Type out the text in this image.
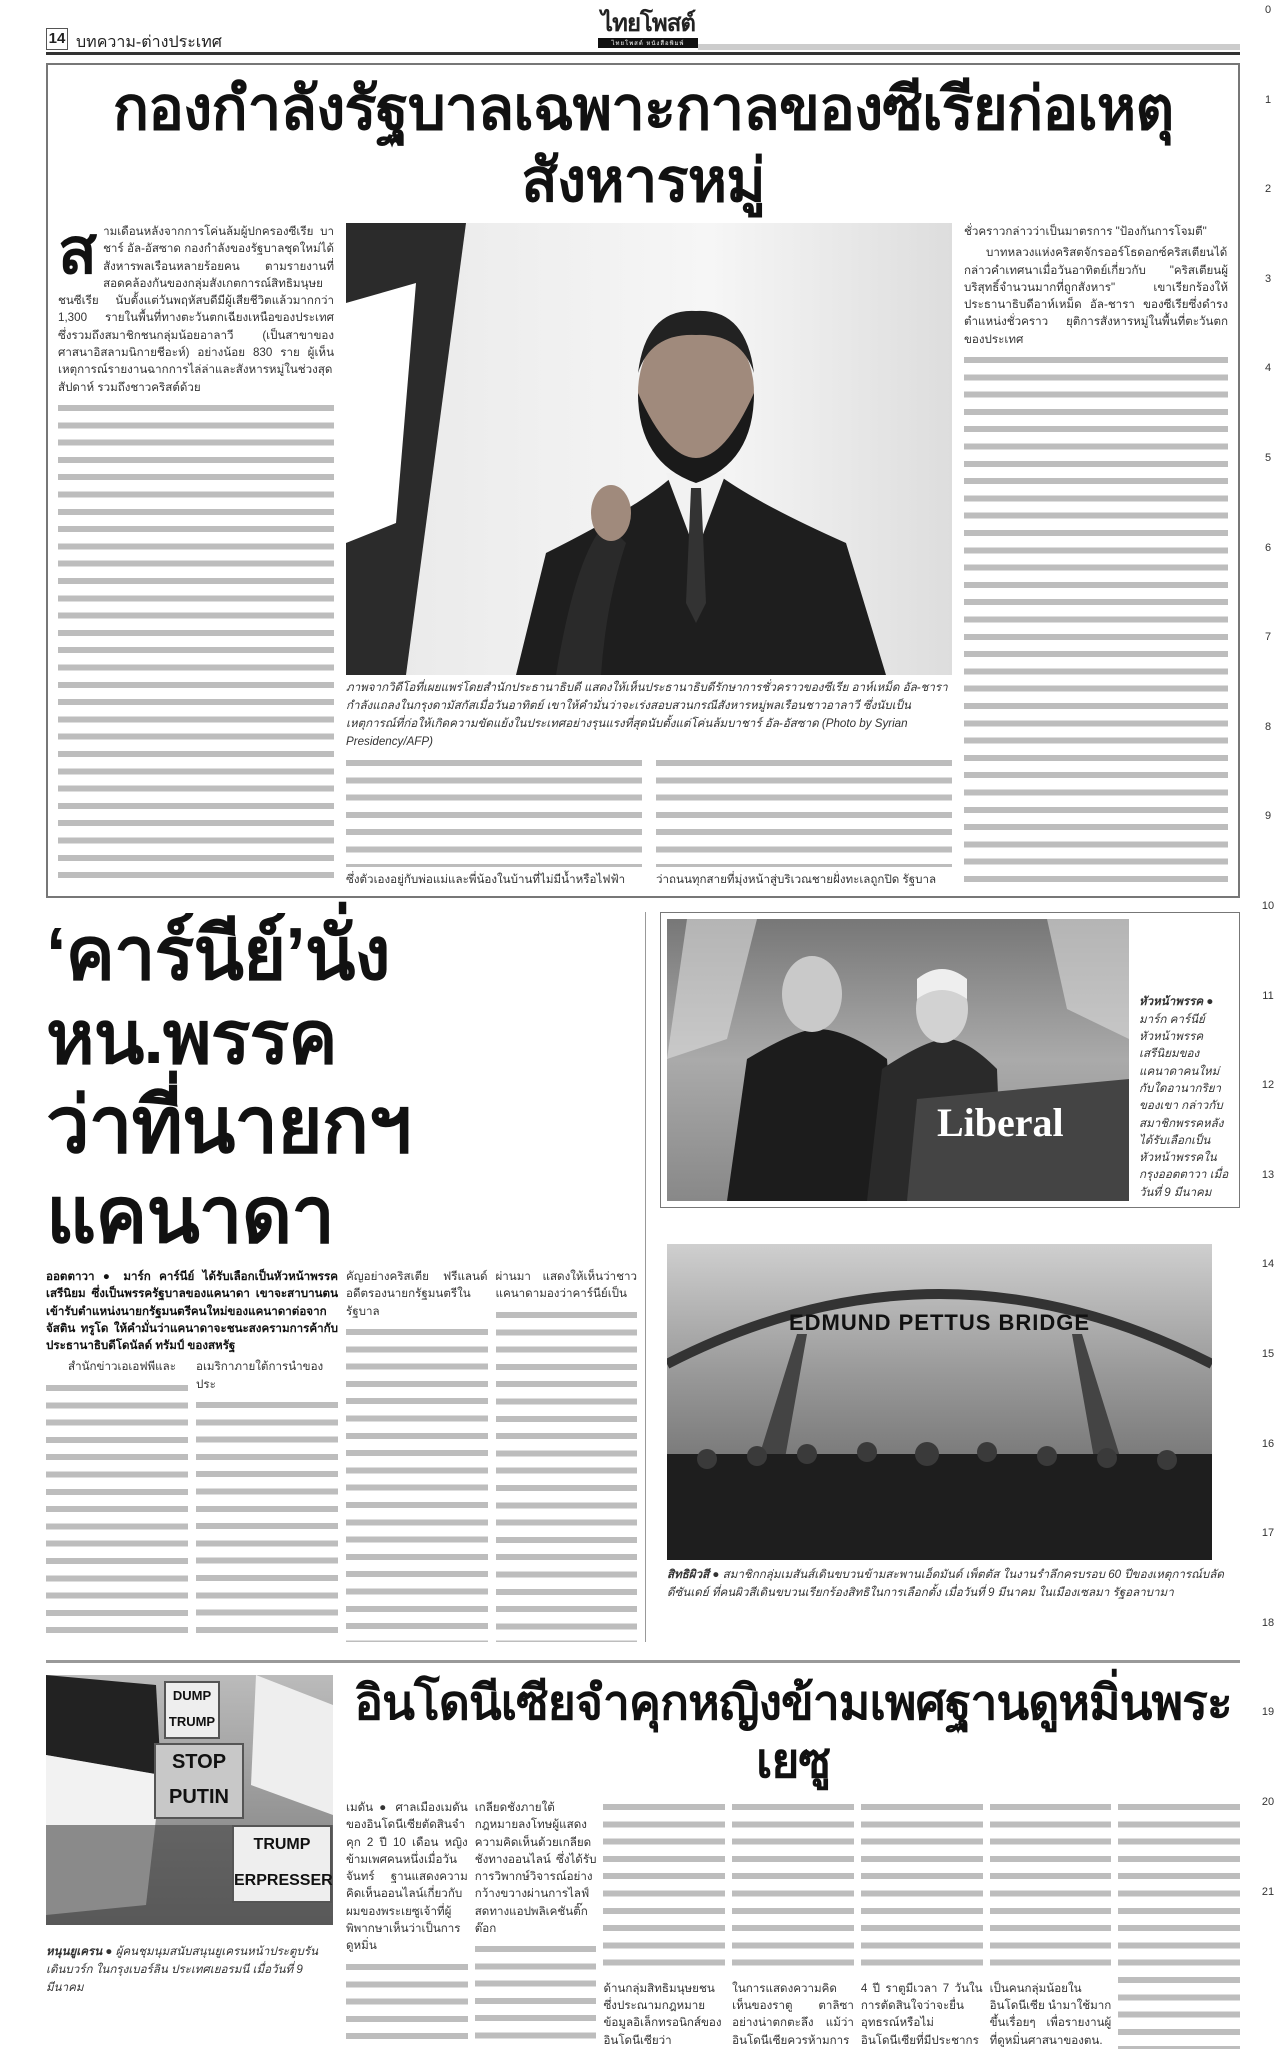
14 บทความ-ต่างประเทศ
ไทยโพสต์
ไทยโพสต์ หนังสือพิมพ์
0
1
2
3
4
5
6
7
8
9
10
11
12
13
14
15
16
17
18
19
20
21
กองกำลังรัฐบาลเฉพาะกาลของซีเรียก่อเหตุสังหารหมู่
ส ามเดือนหลังจากการโค่นล้มผู้ปกครองซีเรีย บาชาร์ อัล-อัสซาด กองกำลังของรัฐบาลชุดใหม่ได้สังหารพลเรือนหลายร้อยคน ตามรายงานที่สอดคล้องกันของกลุ่มสังเกตการณ์สิทธิมนุษยชนซีเรีย นับตั้งแต่วันพฤหัสบดีมีผู้เสียชีวิตแล้วมากกว่า 1,300 รายในพื้นที่ทางตะวันตกเฉียงเหนือของประเทศ ซึ่งรวมถึงสมาชิกชนกลุ่มน้อยอาลาวี (เป็นสาขาของศาสนาอิสลามนิกายชีอะห์) อย่างน้อย 830 ราย ผู้เห็นเหตุการณ์รายงานฉากการไล่ล่าและสังหารหมู่ในช่วงสุดสัปดาห์ รวมถึงชาวคริสต์ด้วย
ภาพจากวิดีโอที่เผยแพร่โดยสำนักประธานาธิบดี แสดงให้เห็นประธานาธิบดีรักษาการชั่วคราวของซีเรีย อาห์เหม็ด อัล-ชารา กำลังแถลงในกรุงดามัสกัสเมื่อวันอาทิตย์ เขาให้คำมั่นว่าจะเร่งสอบสวนกรณีสังหารหมู่พลเรือนชาวอาลาวี ซึ่งนับเป็นเหตุการณ์ที่ก่อให้เกิดความขัดแย้งในประเทศอย่างรุนแรงที่สุดนับตั้งแต่โค่นล้มบาชาร์ อัล-อัสซาด (Photo by Syrian Presidency/AFP)
ซึ่งตัวเองอยู่กับพ่อแม่และพี่น้องในบ้านที่ไม่มีน้ำหรือไฟฟ้า	ว่าถนนทุกสายที่มุ่งหน้าสู่บริเวณชายฝั่งทะเลถูกปิด รัฐบาล
ชั่วคราวกล่าวว่าเป็นมาตรการ "ป้องกันการโจมตี"

บาทหลวงแห่งคริสตจักรออร์โธดอกซ์คริสเตียนได้กล่าวคำเทศนาเมื่อวันอาทิตย์เกี่ยวกับ "คริสเตียนผู้บริสุทธิ์จำนวนมากที่ถูกสังหาร" เขาเรียกร้องให้ประธานาธิบดีอาห์เหม็ด อัล-ชารา ของซีเรียซึ่งดำรงตำแหน่งชั่วคราว ยุติการสังหารหมู่ในพื้นที่ตะวันตกของประเทศ

‘คาร์นีย์’นั่งหน.พรรค
ว่าที่นายกฯแคนาดา
ออตตาวา ● มาร์ก คาร์นีย์ ได้รับเลือกเป็นหัวหน้าพรรคเสรีนิยม ซึ่งเป็นพรรครัฐบาลของแคนาดา เขาจะสาบานตนเข้ารับตำแหน่งนายกรัฐมนตรีคนใหม่ของแคนาดาต่อจากจัสติน ทรูโด ให้คำมั่นว่าแคนาดาจะชนะสงครามการค้ากับประธานาธิบดีโดนัลด์ ทรัมป์ ของสหรัฐ

สำนักข่าวเอเอฟพีและ	อเมริกาภายใต้การนำของประ
คัญอย่างคริสเตีย ฟรีแลนด์ อดีตรองนายกรัฐมนตรีในรัฐบาล
ผ่านมา แสดงให้เห็นว่าชาวแคนาดามองว่าคาร์นีย์เป็น
Liberal
หัวหน้าพรรค ● มาร์ก คาร์นีย์ หัวหน้าพรรคเสรีนิยมของแคนาดาคนใหม่กับใดอานากริยาของเขา กล่าวกับสมาชิกพรรคหลังได้รับเลือกเป็นหัวหน้าพรรคในกรุงออตตาวา เมื่อวันที่ 9 มีนาคม
EDMUND PETTUS BRIDGE
สิทธิผิวสี ● สมาชิกกลุ่มเมสันส์เดินขบวนข้ามสะพานเอ็ดมันด์ เพ็ตตัส ในงานรำลึกครบรอบ 60 ปีของเหตุการณ์บลัดดีซันเดย์ ที่คนผิวสีเดินขบวนเรียกร้องสิทธิในการเลือกตั้ง เมื่อวันที่ 9 มีนาคม ในเมืองเซลมา รัฐอลาบามา
DUMP TRUMP
STOP PUTIN
TRUMP ERPRESSER
หนุนยูเครน ● ผู้คนชุมนุมสนับสนุนยูเครนหน้าประตูบรันเดินบวร์ก ในกรุงเบอร์ลิน ประเทศเยอรมนี เมื่อวันที่ 9 มีนาคม
อินโดนีเซียจำคุกหญิงข้ามเพศฐานดูหมิ่นพระเยซู
เมดัน ● ศาลเมืองเมดันของอินโดนีเซียตัดสินจำคุก 2 ปี 10 เดือน หญิงข้ามเพศคนหนึ่งเมื่อวันจันทร์ ฐานแสดงความคิดเห็นออนไลน์เกี่ยวกับผมของพระเยซูเจ้าที่ผู้พิพากษาเห็นว่าเป็นการดูหมิ่น
เกลียดชังภายใต้กฎหมายลงโทษผู้แสดงความคิดเห็นด้วยเกลียดชังทางออนไลน์ ซึ่งได้รับการวิพากษ์วิจารณ์อย่างกว้างขวางผ่านการไลฟ์สดทางแอปพลิเคชันติ๊กต๊อก
ด้านกลุ่มสิทธิมนุษยชนซึ่งประณามกฎหมายข้อมูลอิเล็กทรอนิกส์ของอินโดนีเซียว่า
ในการแสดงความคิดเห็นของราตู ตาลิซา อย่างน่าตกตะลึง แม้ว่าอินโดนีเซียควรห้ามการ
4 ปี ราตูมีเวลา 7 วันในการตัดสินใจว่าจะยื่นอุทธรณ์หรือไม่ อินโดนีเซียที่มีประชากร
เป็นคนกลุ่มน้อยในอินโดนีเซีย นำมาใช้มากขึ้นเรื่อยๆ เพื่อรายงานผู้ที่ดูหมิ่นศาสนาของตน.
